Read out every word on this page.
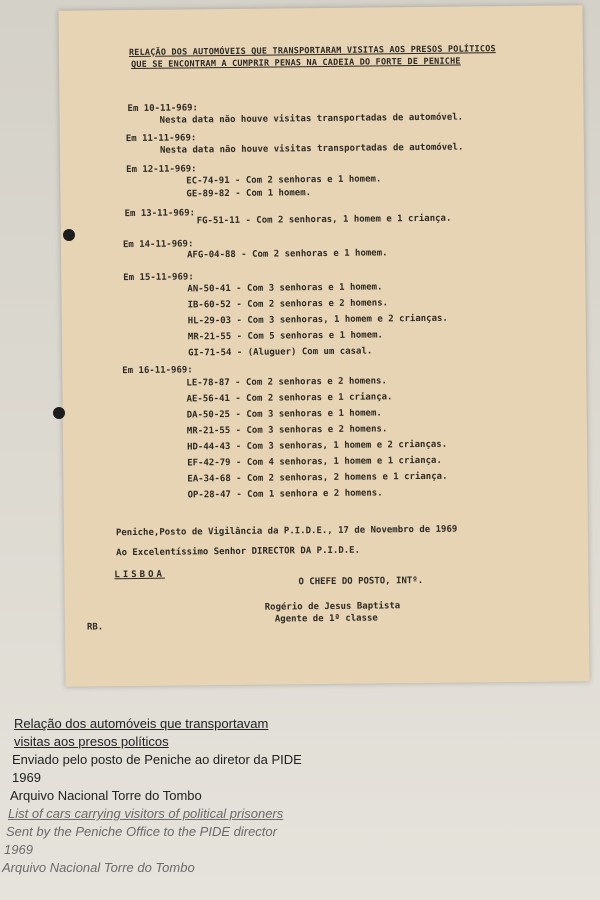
RELAÇÃO DOS AUTOMÓVEIS QUE TRANSPORTARAM VISITAS AOS PRESOS POLÍTICOS
QUE SE ENCONTRAM A CUMPRIR PENAS NA CADEIA DO FORTE DE PENICHE
Em 10-11-969:
Nesta data não houve visitas transportadas de automóvel.
Em 11-11-969:
Nesta data não houve visitas transportadas de automóvel.
Em 12-11-969:
EC-74-91 - Com 2 senhoras e 1 homem.
GE-89-82 - Com 1 homem.
Em 13-11-969: FG-51-11 - Com 2 senhoras, 1 homem e 1 criança.
Em 14-11-969:
AFG-04-88 - Com 2 senhoras e 1 homem.
Em 15-11-969:
AN-50-41 - Com 3 senhoras e 1 homem.
IB-60-52 - Com 2 senhoras e 2 homens.
HL-29-03 - Com 3 senhoras, 1 homem e 2 crianças.
MR-21-55 - Com 5 senhoras e 1 homem.
GI-71-54 - (Aluguer) Com um casal.
Em 16-11-969:
LE-78-87 - Com 2 senhoras e 2 homens.
AE-56-41 - Com 2 senhoras e 1 criança.
DA-50-25 - Com 3 senhoras e 1 homem.
MR-21-55 - Com 3 senhoras e 2 homens.
HD-44-43 - Com 3 senhoras, 1 homem e 2 crianças.
EF-42-79 - Com 4 senhoras, 1 homem e 1 criança.
EA-34-68 - Com 2 senhoras, 2 homens e 1 criança.
OP-28-47 - Com 1 senhora e 2 homens.
Peniche,Posto de Vigilância da P.I.D.E., 17 de Novembro de 1969
Ao Excelentíssimo Senhor DIRECTOR DA P.I.D.E.
LISBOA
O CHEFE DO POSTO, INTº.
Rogério de Jesus Baptista
Agente de 1ª classe
RB.
Relação dos automóveis que transportavam
visitas aos presos políticos
Enviado pelo posto de Peniche ao diretor da PIDE
1969
Arquivo Nacional Torre do Tombo
List of cars carrying visitors of political prisoners
Sent by the Peniche Office to the PIDE director
1969
Arquivo Nacional Torre do Tombo
